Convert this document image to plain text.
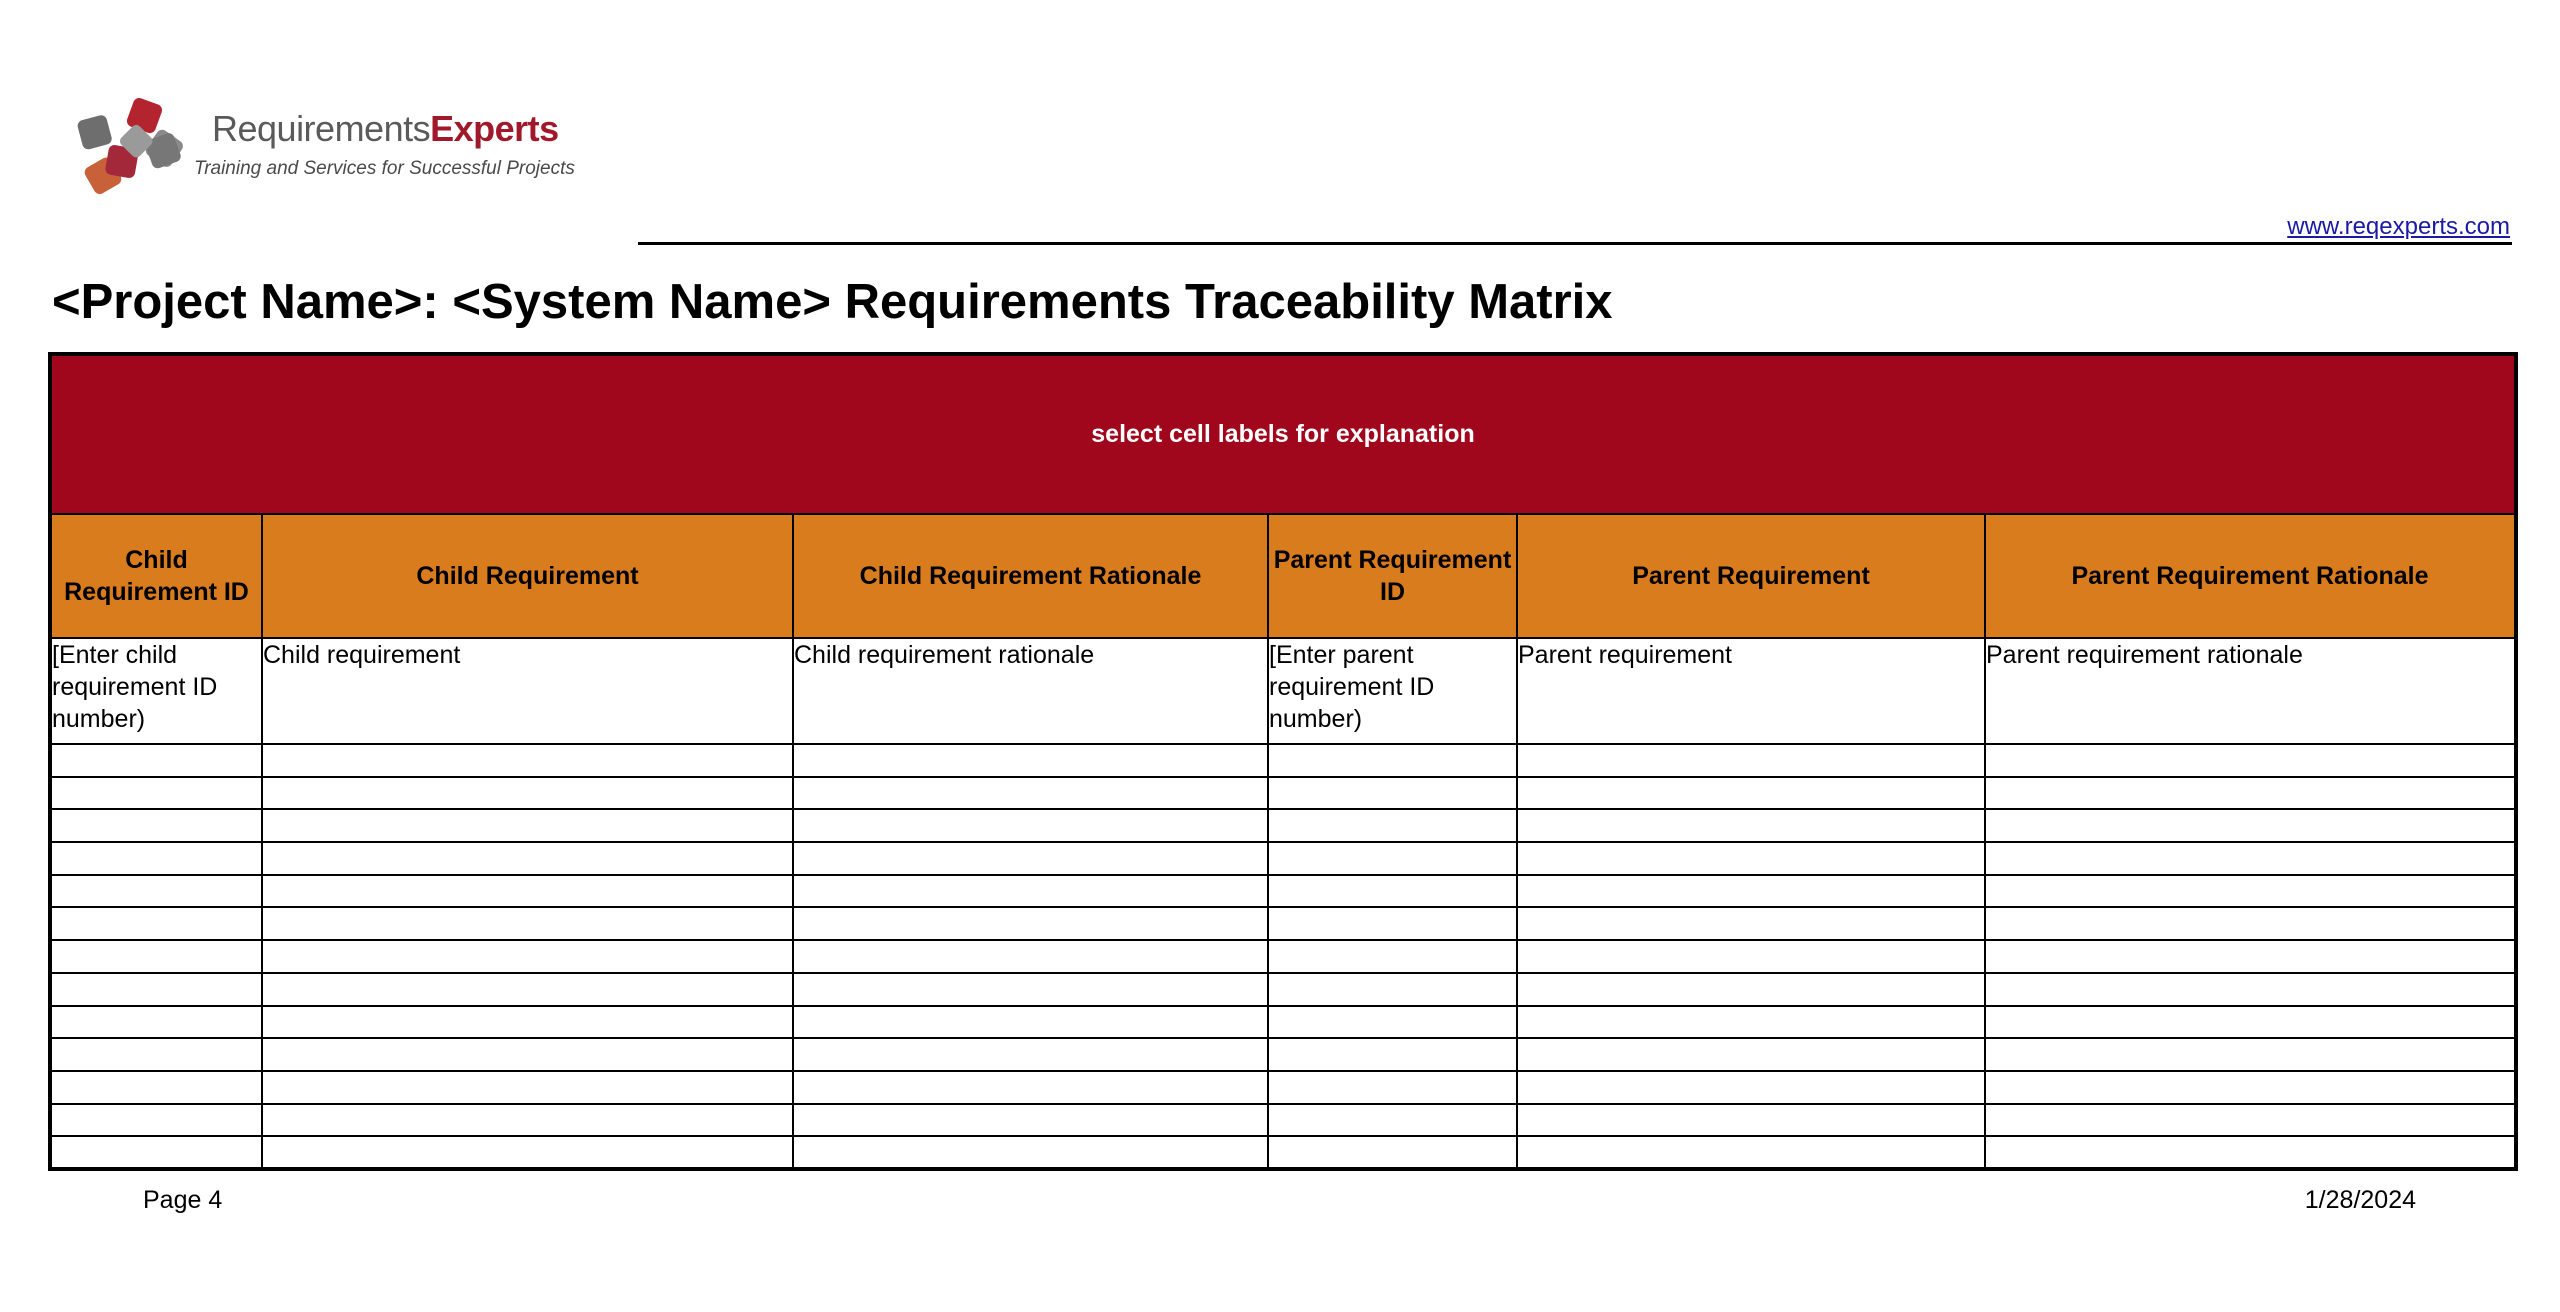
RequirementsExperts
Training and Services for Successful Projects
www.reqexperts.com
<Project Name>: <System Name> Requirements Traceability Matrix
select cell labels for explanation					
Child Requirement ID	Child Requirement	Child Requirement Rationale	Parent Requirement ID	Parent Requirement	Parent Requirement Rationale
[Enter child requirement ID number)	Child requirement	Child requirement rationale	[Enter parent requirement ID number)	Parent requirement	Parent requirement rationale

Page 4	1/28/2024
